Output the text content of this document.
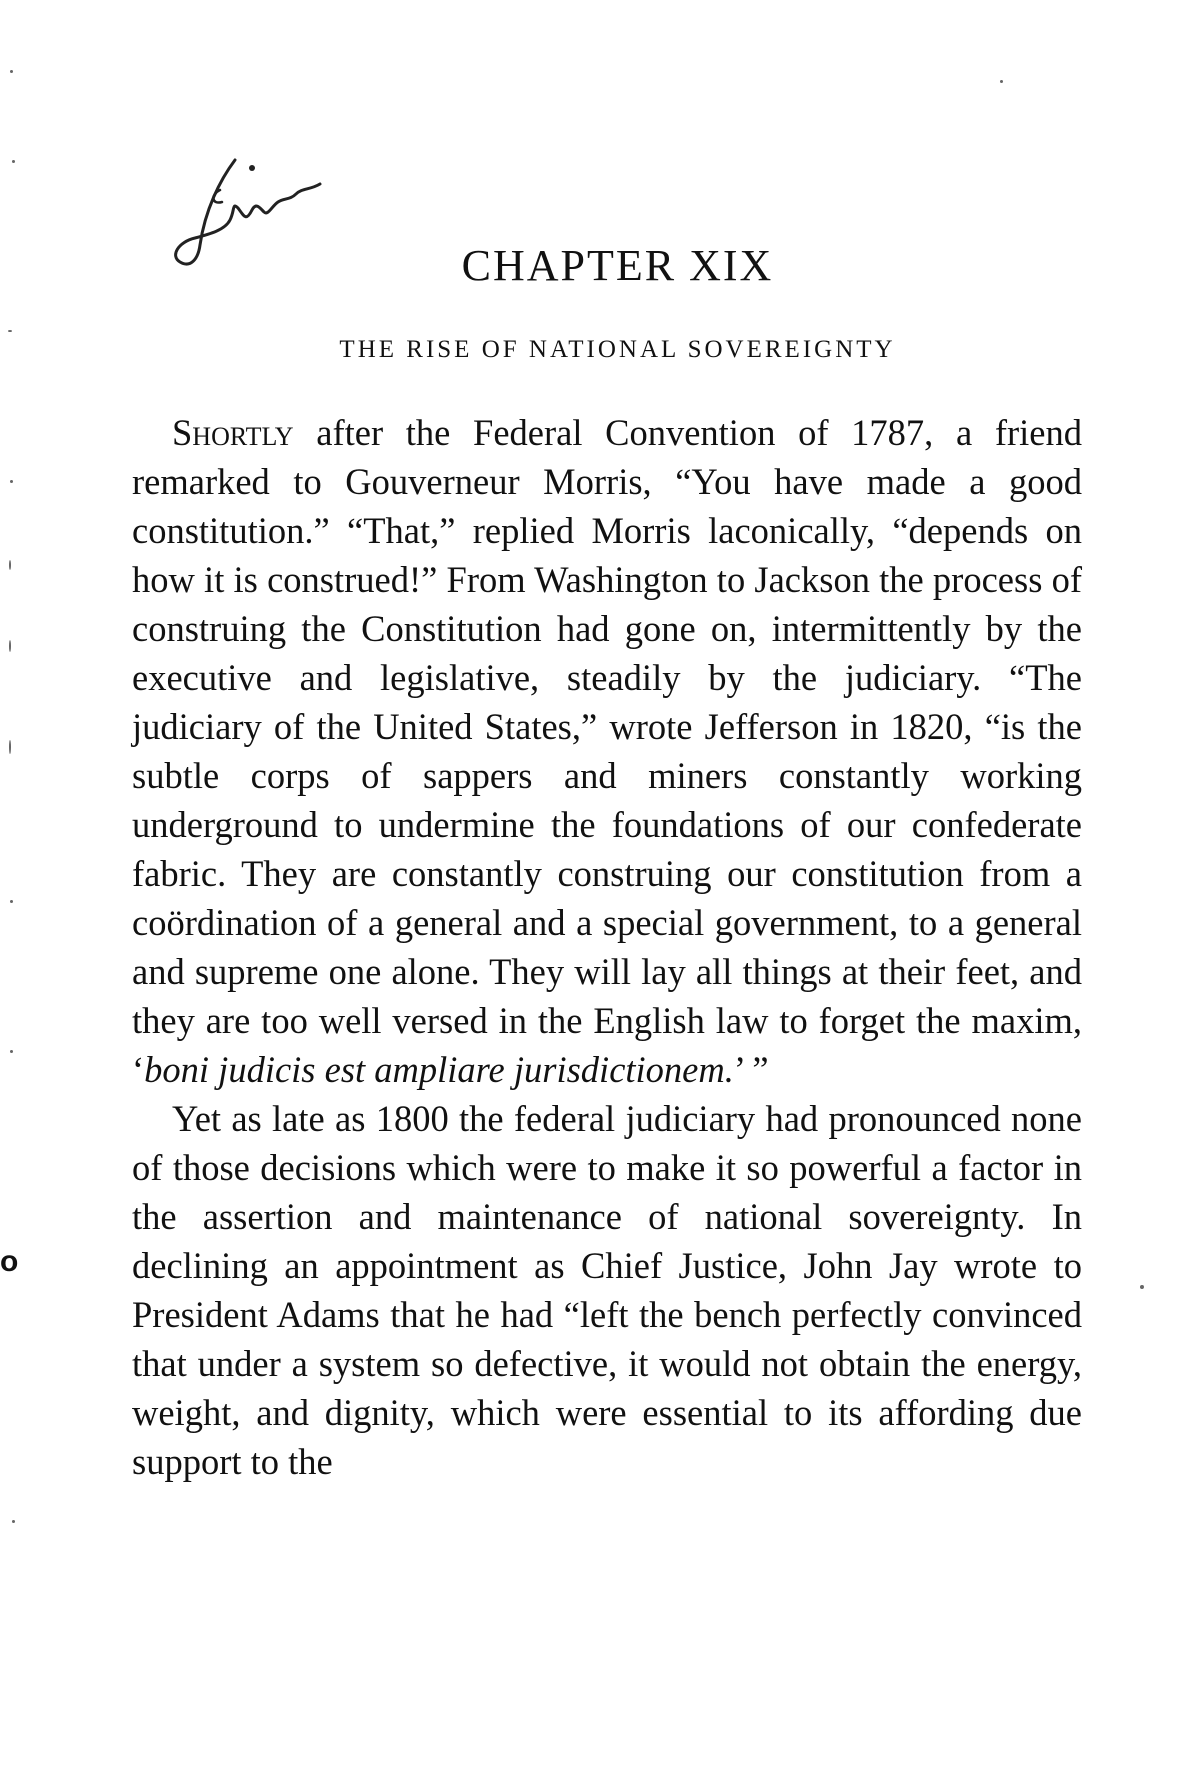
CHAPTER XIX
THE RISE OF NATIONAL SOVEREIGNTY

Shortly after the Federal Convention of 1787, a friend remarked to Gouverneur Morris, “You have made a good constitution.” “That,” replied Morris laconically, “depends on how it is construed!” From Washington to Jackson the process of construing the Constitution had gone on, intermittently by the executive and legislative, steadily by the judiciary. “The judiciary of the United States,” wrote Jefferson in 1820, “is the subtle corps of sappers and miners constantly working underground to undermine the foundations of our confederate fabric. They are constantly construing our constitution from a coördination of a general and a special government, to a general and supreme one alone. They will lay all things at their feet, and they are too well versed in the English law to forget the maxim, ‘boni judicis est ampliare jurisdictionem.’ ”

Yet as late as 1800 the federal judiciary had pronounced none of those decisions which were to make it so powerful a factor in the assertion and maintenance of national sovereignty. In declining an appointment as Chief Justice, John Jay wrote to President Adams that he had “left the bench perfectly convinced that under a system so defective, it would not obtain the energy, weight, and dignity, which were essential to its affording due support to the

o
